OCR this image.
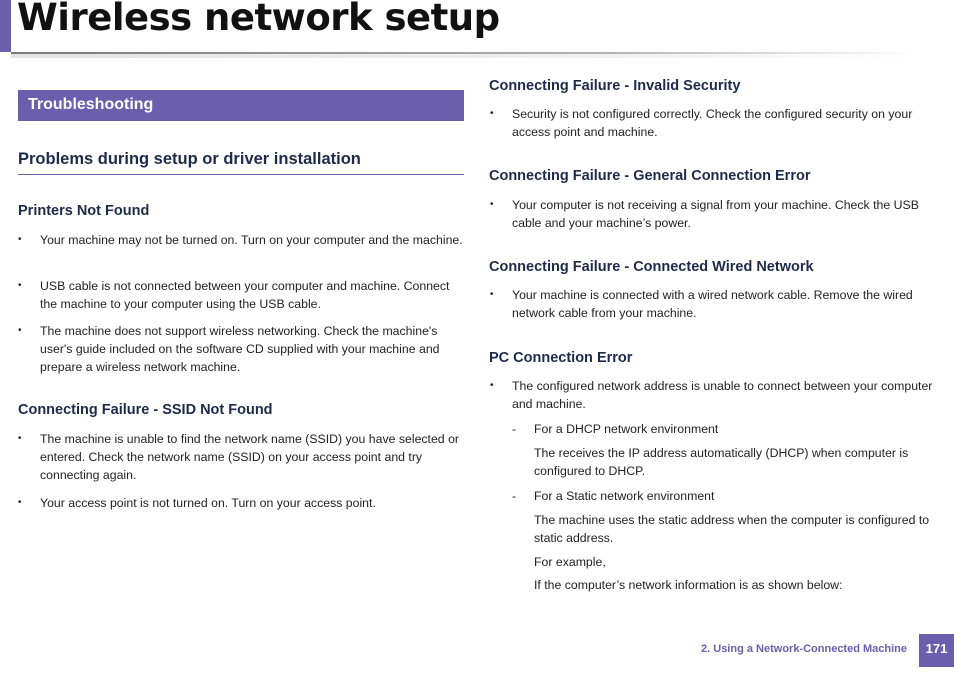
Wireless network setup
Troubleshooting
Problems during setup or driver installation
Printers Not Found
•	Your machine may not be turned on. Turn on your computer and the machine.
•	USB cable is not connected between your computer and machine. Connect the machine to your computer using the USB cable.
•	The machine does not support wireless networking. Check the machine's user's guide included on the software CD supplied with your machine and prepare a wireless network machine.
Connecting Failure - SSID Not Found
•	The machine is unable to find the network name (SSID) you have selected or entered. Check the network name (SSID) on your access point and try connecting again.
•	Your access point is not turned on. Turn on your access point.
Connecting Failure - Invalid Security
•	Security is not configured correctly. Check the configured security on your access point and machine.
Connecting Failure - General Connection Error
•	Your computer is not receiving a signal from your machine. Check the USB cable and your machine’s power.
Connecting Failure - Connected Wired Network
•	Your machine is connected with a wired network cable. Remove the wired network cable from your machine.
PC Connection Error
•	The configured network address is unable to connect between your computer and machine.
- For a DHCP network environment
The receives the IP address automatically (DHCP) when computer is configured to DHCP.
- For a Static network environment
The machine uses the static address when the computer is configured to static address.
For example,
If the computer’s network information is as shown below:
2. Using a Network-Connected Machine	171
